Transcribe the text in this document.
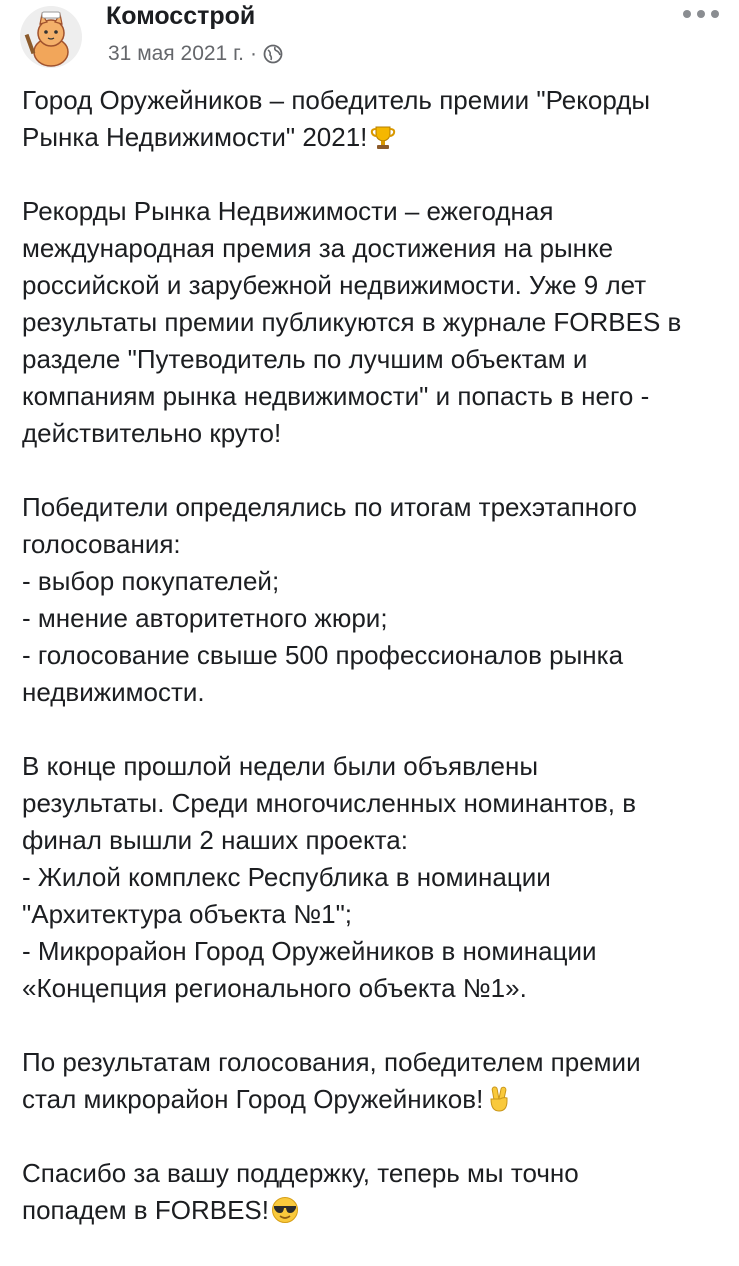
Комосстрой
31 мая 2021 г. ·
Город Оружейников – победитель премии "Рекорды
Рынка Недвижимости" 2021!
Рекорды Рынка Недвижимости – ежегодная
международная премия за достижения на рынке
российской и зарубежной недвижимости. Уже 9 лет
результаты премии публикуются в журнале FORBES в
разделе "Путеводитель по лучшим объектам и
компаниям рынка недвижимости" и попасть в него -
действительно круто!
Победители определялись по итогам трехэтапного
голосования:
- выбор покупателей;
- мнение авторитетного жюри;
- голосование свыше 500 профессионалов рынка
недвижимости.
В конце прошлой недели были объявлены
результаты. Среди многочисленных номинантов, в
финал вышли 2 наших проекта:
- Жилой комплекс Республика в номинации
"Архитектура объекта №1";
- Микрорайон Город Оружейников в номинации
«Концепция регионального объекта №1».
По результатам голосования, победителем премии
стал микрорайон Город Оружейников!
Спасибо за вашу поддержку, теперь мы точно
попадем в FORBES!
